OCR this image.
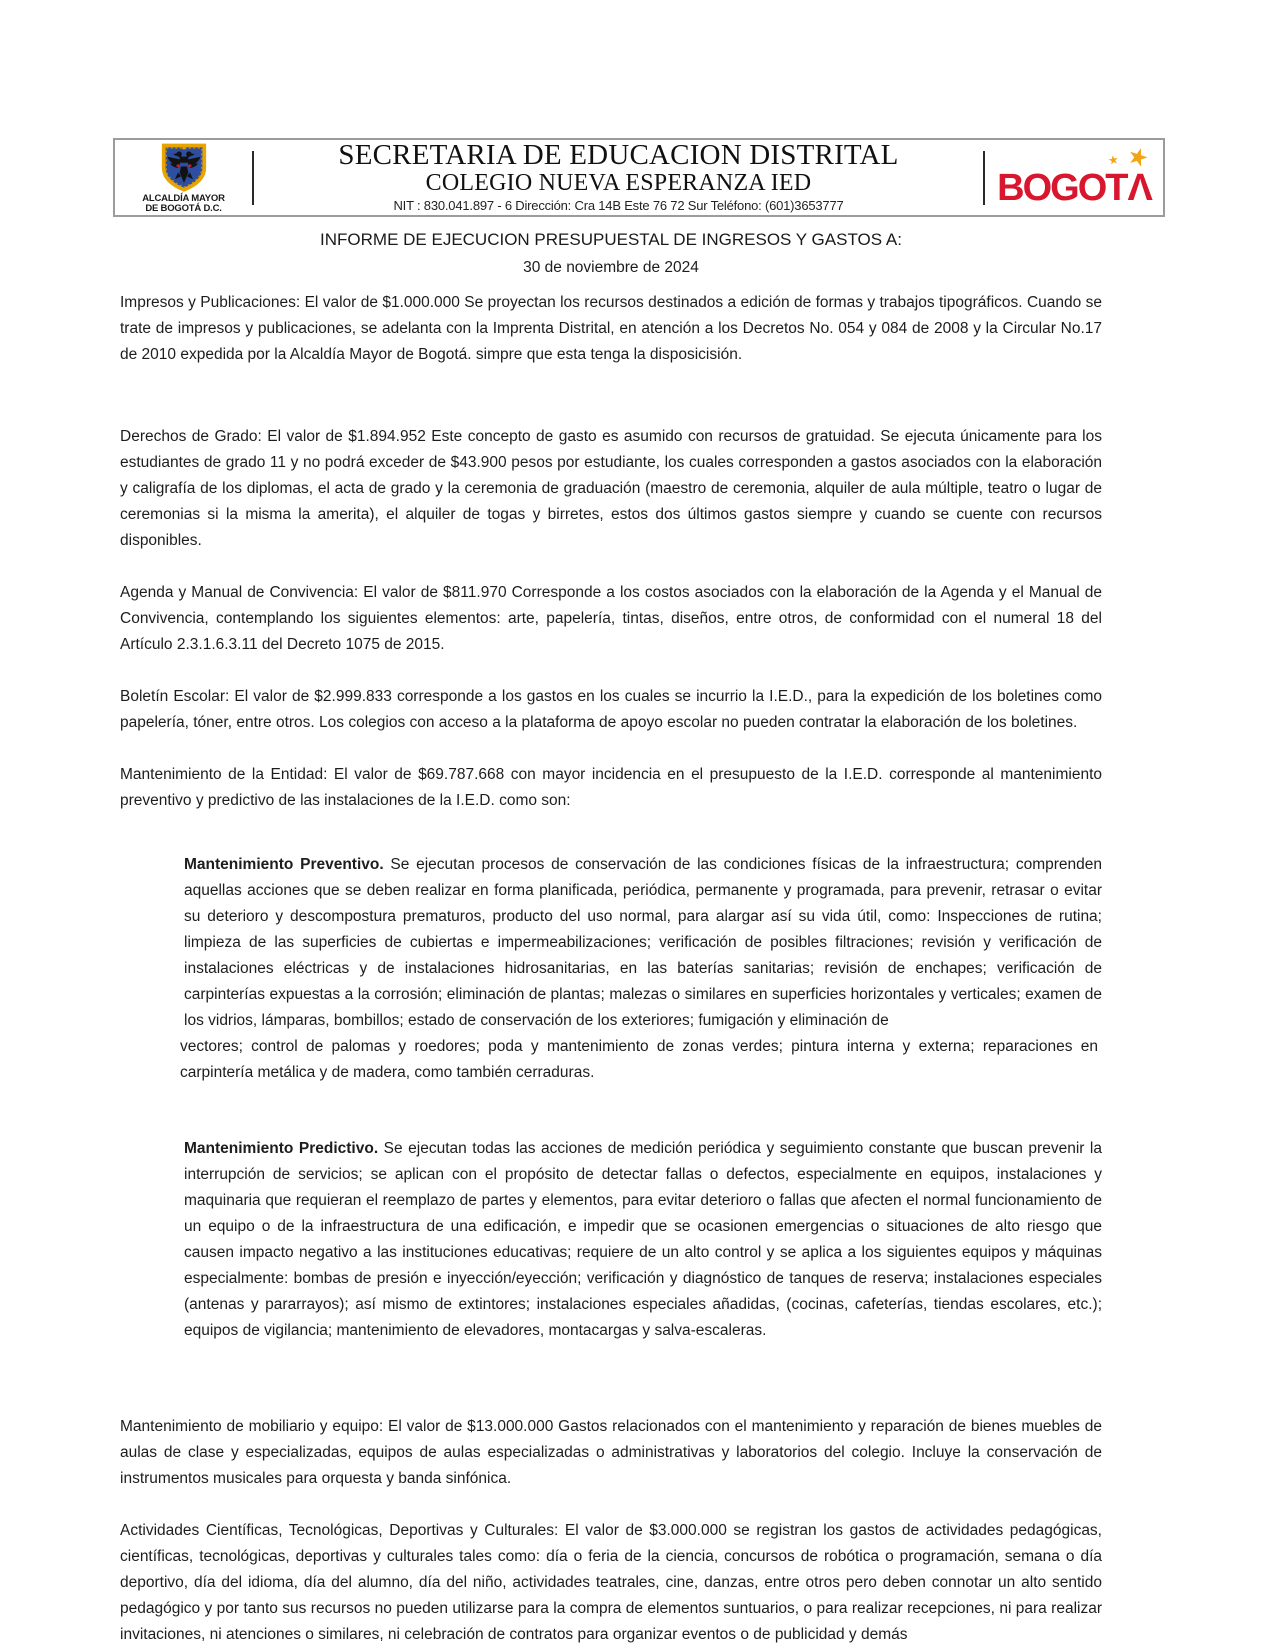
ALCALDÍA MAYOR
DE BOGOTÁ D.C.
SECRETARIA DE EDUCACION DISTRITAL
COLEGIO NUEVA ESPERANZA IED
NIT : 830.041.897 - 6 Dirección: Cra 14B Este 76 72 Sur Teléfono: (601)3653777
★ ★
BOGOTΛ
INFORME DE EJECUCION PRESUPUESTAL DE INGRESOS Y GASTOS A:
30 de noviembre de 2024

Impresos y Publicaciones: El valor de $1.000.000 Se proyectan los recursos destinados a edición de formas y trabajos tipográficos. Cuando se trate de impresos y publicaciones, se adelanta con la Imprenta Distrital, en atención a los Decretos No. 054 y 084 de 2008 y la Circular No.17 de 2010 expedida por la Alcaldía Mayor de Bogotá. simpre que esta tenga la disposicisión.

Derechos de Grado: El valor de $1.894.952 Este concepto de gasto es asumido con recursos de gratuidad. Se ejecuta únicamente para los estudiantes de grado 11 y no podrá exceder de $43.900 pesos por estudiante, los cuales corresponden a gastos asociados con la elaboración y caligrafía de los diplomas, el acta de grado y la ceremonia de graduación (maestro de ceremonia, alquiler de aula múltiple, teatro o lugar de ceremonias si la misma la amerita), el alquiler de togas y birretes, estos dos últimos gastos siempre y cuando se cuente con recursos disponibles.

Agenda y Manual de Convivencia: El valor de $811.970 Corresponde a los costos asociados con la elaboración de la Agenda y el Manual de Convivencia, contemplando los siguientes elementos: arte, papelería, tintas, diseños, entre otros, de conformidad con el numeral 18 del Artículo 2.3.1.6.3.11 del Decreto 1075 de 2015.

Boletín Escolar: El valor de $2.999.833 corresponde a los gastos en los cuales se incurrio la I.E.D., para la expedición de los boletines como papelería, tóner, entre otros. Los colegios con acceso a la plataforma de apoyo escolar no pueden contratar la elaboración de los boletines.

Mantenimiento de la Entidad: El valor de $69.787.668 con mayor incidencia en el presupuesto de la I.E.D. corresponde al mantenimiento preventivo y predictivo de las instalaciones de la I.E.D. como son:

Mantenimiento Preventivo. Se ejecutan procesos de conservación de las condiciones físicas de la infraestructura; comprenden aquellas acciones que se deben realizar en forma planificada, periódica, permanente y programada, para prevenir, retrasar o evitar su deterioro y descompostura prematuros, producto del uso normal, para alargar así su vida útil, como: Inspecciones de rutina; limpieza de las superficies de cubiertas e impermeabilizaciones; verificación de posibles filtraciones; revisión y verificación de instalaciones eléctricas y de instalaciones hidrosanitarias, en las baterías sanitarias; revisión de enchapes; verificación de carpinterías expuestas a la corrosión; eliminación de plantas; malezas o similares en superficies horizontales y verticales; examen de los vidrios, lámparas, bombillos; estado de conservación de los exteriores; fumigación y eliminación de
vectores; control de palomas y roedores; poda y mantenimiento de zonas verdes; pintura interna y externa; reparaciones en carpintería metálica y de madera, como también cerraduras.

Mantenimiento Predictivo. Se ejecutan todas las acciones de medición periódica y seguimiento constante que buscan prevenir la interrupción de servicios; se aplican con el propósito de detectar fallas o defectos, especialmente en equipos, instalaciones y maquinaria que requieran el reemplazo de partes y elementos, para evitar deterioro o fallas que afecten el normal funcionamiento de un equipo o de la infraestructura de una edificación, e impedir que se ocasionen emergencias o situaciones de alto riesgo que causen impacto negativo a las instituciones educativas; requiere de un alto control y se aplica a los siguientes equipos y máquinas especialmente: bombas de presión e inyección/eyección; verificación y diagnóstico de tanques de reserva; instalaciones especiales (antenas y pararrayos); así mismo de extintores; instalaciones especiales añadidas, (cocinas, cafeterías, tiendas escolares, etc.); equipos de vigilancia; mantenimiento de elevadores, montacargas y salva-escaleras.

Mantenimiento de mobiliario y equipo: El valor de $13.000.000 Gastos relacionados con el mantenimiento y reparación de bienes muebles de aulas de clase y especializadas, equipos de aulas especializadas o administrativas y laboratorios del colegio. Incluye la conservación de instrumentos musicales para orquesta y banda sinfónica.

Actividades Científicas, Tecnológicas, Deportivas y Culturales: El valor de $3.000.000 se registran los gastos de actividades pedagógicas, científicas, tecnológicas, deportivas y culturales tales como: día o feria de la ciencia, concursos de robótica o programación, semana o día deportivo, día del idioma, día del alumno, día del niño, actividades teatrales, cine, danzas, entre otros pero deben connotar un alto sentido pedagógico y por tanto sus recursos no pueden utilizarse para la compra de elementos suntuarios, o para realizar recepciones, ni para realizar invitaciones, ni atenciones o similares, ni celebración de contratos para organizar eventos o de publicidad y demás
